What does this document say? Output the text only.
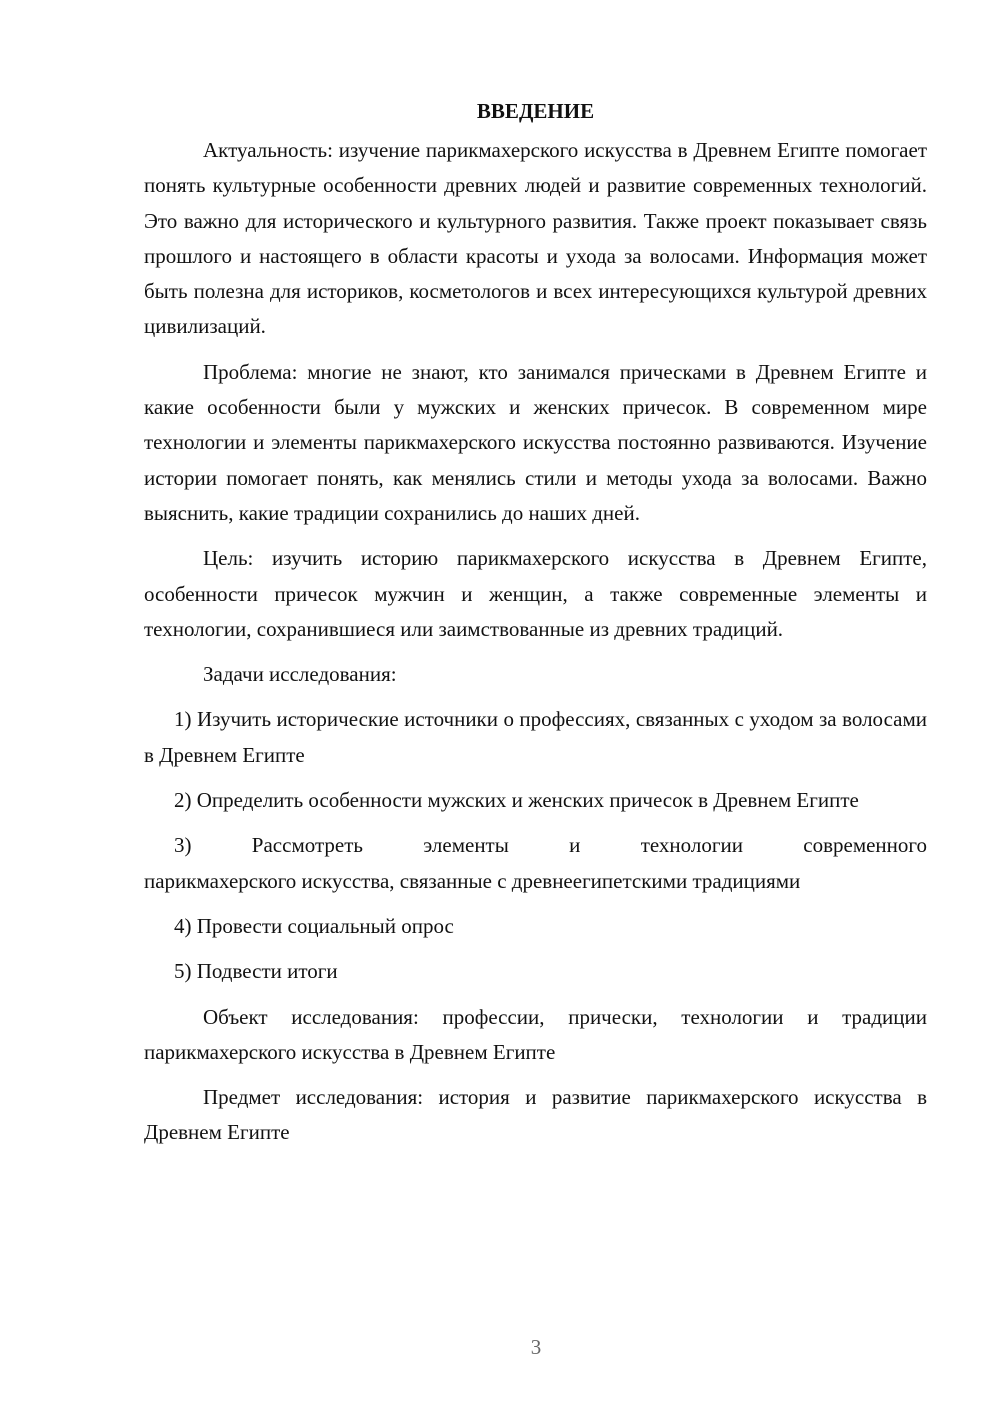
ВВЕДЕНИЕ

Актуальность: изучение парикмахерского искусства в Древнем Египте помогает понять культурные особенности древних людей и развитие современных технологий. Это важно для исторического и культурного развития. Также проект показывает связь прошлого и настоящего в области красоты и ухода за волосами. Информация может быть полезна для историков, косметологов и всех интересующихся культурой древних цивилизаций.

Проблема: многие не знают, кто занимался прическами в Древнем Египте и какие особенности были у мужских и женских причесок. В современном мире технологии и элементы парикмахерского искусства постоянно развиваются. Изучение истории помогает понять, как менялись стили и методы ухода за волосами. Важно выяснить, какие традиции сохранились до наших дней.

Цель: изучить историю парикмахерского искусства в Древнем Египте, особенности причесок мужчин и женщин, а также современные элементы и технологии, сохранившиеся или заимствованные из древних традиций.

Задачи исследования:

1) Изучить исторические источники о профессиях, связанных с уходом за волосами в Древнем Египте

2) Определить особенности мужских и женских причесок в Древнем Египте

3) Рассмотреть элементы и технологии современного

парикмахерского искусства, связанные с древнеегипетскими традициями

4) Провести социальный опрос

5) Подвести итоги

Объект исследования: профессии, прически, технологии и традиции парикмахерского искусства в Древнем Египте

Предмет исследования: история и развитие парикмахерского искусства в Древнем Египте

3
